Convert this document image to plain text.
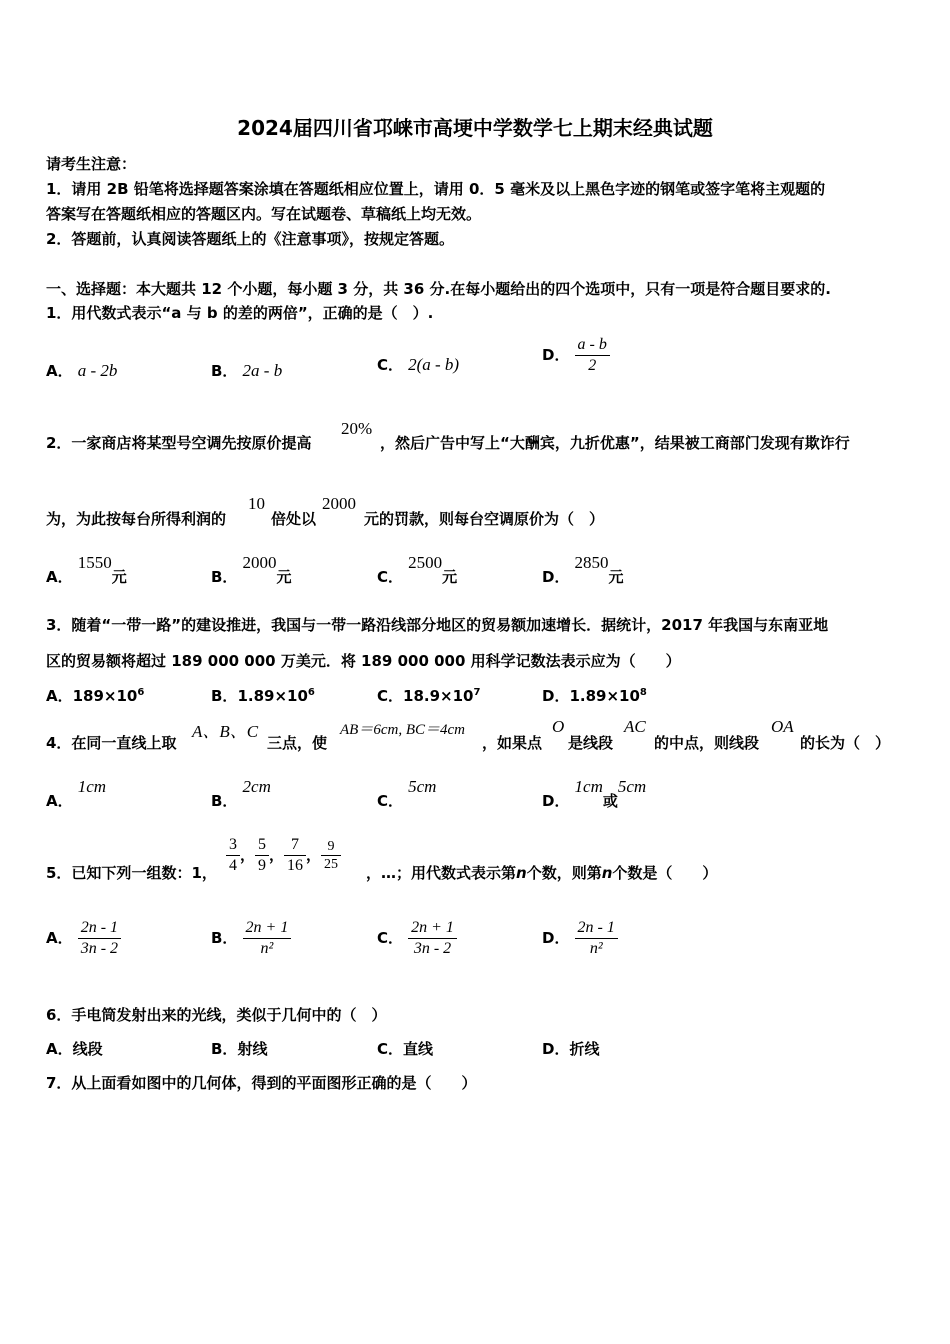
2024届四川省邛崃市高埂中学数学七上期末经典试题
请考生注意：
1．请用 2B 铅笔将选择题答案涂填在答题纸相应位置上，请用 0．5 毫米及以上黑色字迹的钢笔或签字笔将主观题的
答案写在答题纸相应的答题区内。写在试题卷、草稿纸上均无效。
2．答题前，认真阅读答题纸上的《注意事项》，按规定答题。
一、选择题：本大题共 12 个小题，每小题 3 分，共 36 分.在每小题给出的四个选项中，只有一项是符合题目要求的.
1．用代数式表示“a 与 b 的差的两倍”，正确的是（　）.
A． a - 2b	B． 2a - b	C． 2(a - b)	D． $\frac{a - b}{2}$
2．一家商店将某型号空调先按原价提高
20%
，然后广告中写上“大酬宾，九折优惠”，结果被工商部门发现有欺诈行
为，为此按每台所得利润的
10
倍处以
2000
元的罚款，则每台空调原价为（　）
A． 1550元	B． 2000元	C． 2500元	D． 2850元
3．随着“一带一路”的建设推进，我国与一带一路沿线部分地区的贸易额加速增长．据统计，2017 年我国与东南亚地
区的贸易额将超过 189 000 000 万美元．将 189 000 000 用科学记数法表示应为（　　）
A．$189\times 10^6$	B．$1.89\times 10^6$	C．$18.9\times 10^7$	D．$1.89\times 10^8$
4．在同一直线上取
A、B、C
三点，使
AB＝6cm, BC＝4cm
，如果点
O
是线段
AC
的中点，则线段
OA
的长为（　）
A． 1cm
B． 2cm
C． 5cm
D． 1cm或5cm
5．已知下列一组数：1， $\frac{3}{4}$ ， $\frac{5}{9}$ ， $\frac{7}{16}$ ， $\frac{9}{25}$ ，…；用代数式表示第n个数，则第n个数是（　　）
A． $\frac{2n - 1}{3n - 2}$	B． $\frac{2n + 1}{\text{n²}}$	C． $\frac{2n + 1}{3n - 2}$	D． $\frac{2n - 1}{\text{n²}}$
6．手电筒发射出来的光线，类似于几何中的（　）
A．线段	B．射线	C．直线	D．折线
7．从上面看如图中的几何体，得到的平面图形正确的是（　　）
